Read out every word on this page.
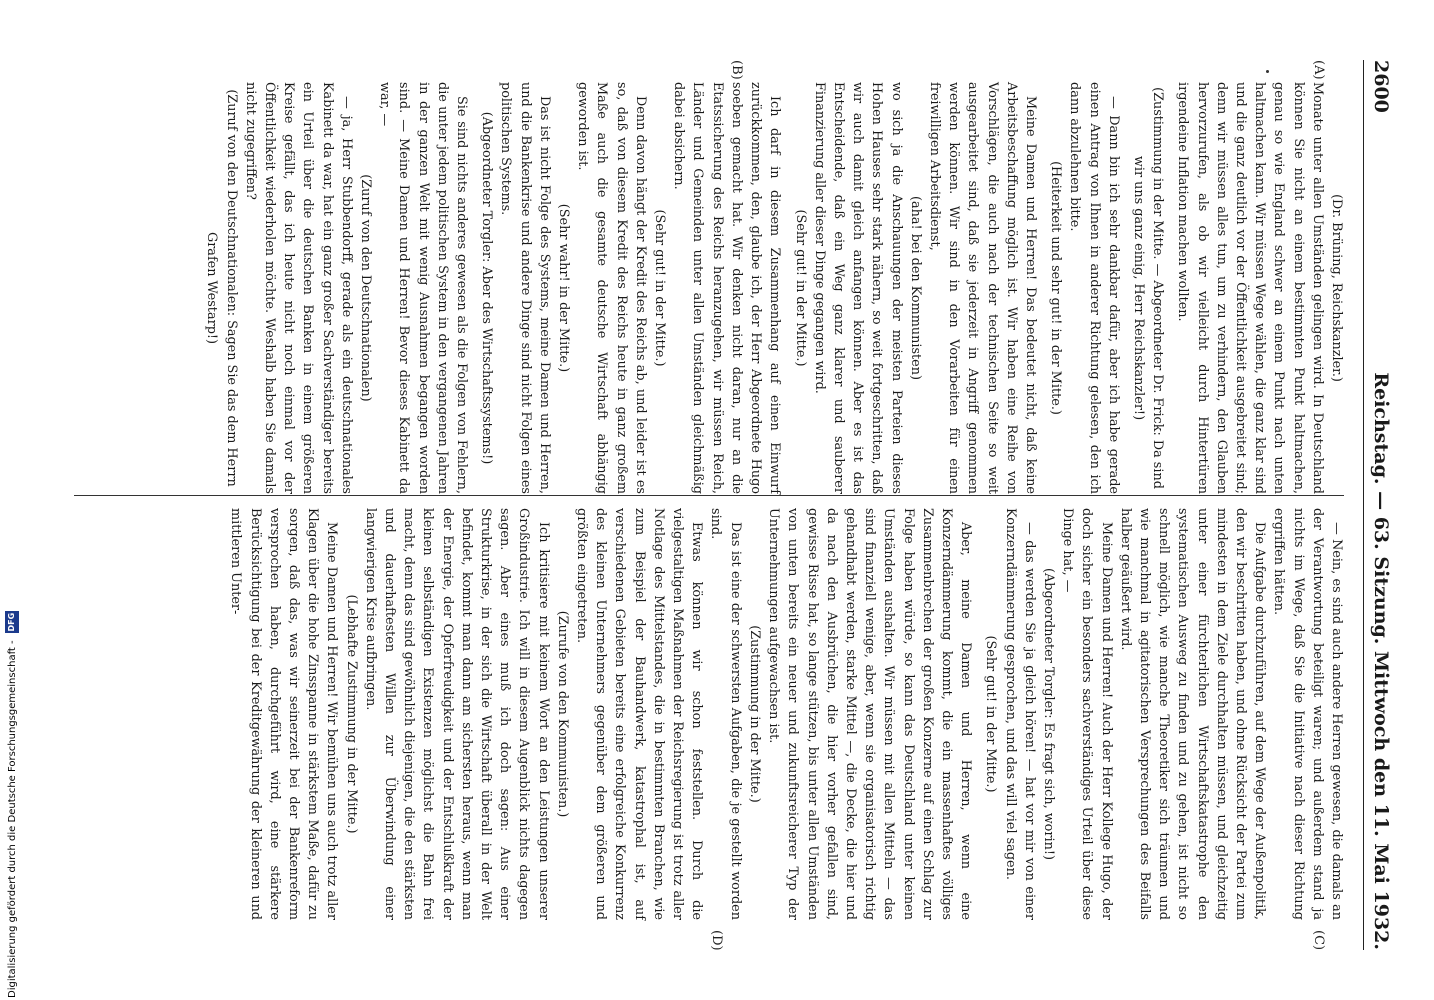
2600
Reichstag. — 63. Sitzung. Mittwoch den 11. Mai 1932.
(A)
(B)
(C)
(D)

(Dr. Brüning, Reichskanzler.)

Monate unter allen Umständen gelingen wird. In Deutschland können Sie nicht an einem bestimmten Punkt haltmachen, genau so wie England schwer an einem Punkt nach unten haltmachen kann. Wir müssen Wege wählen, die ganz klar sind und die ganz deutlich vor der Öffentlichkeit ausgebreitet sind; denn wir müssen alles tun, um zu verhindern, den Glauben hervorzurufen, als ob wir vielleicht durch Hintertüren irgendeine Inflation machen wollten.

(Zustimmung in der Mitte. — Abgeordneter Dr. Frick: Da sind wir uns ganz einig, Herr Reichskanzler!)

— Dann bin ich sehr dankbar dafür, aber ich habe gerade einen Antrag von Ihnen in anderer Richtung gelesen, den ich dann abzulehnen bitte.

(Heiterkeit und sehr gut! in der Mitte.)

Meine Damen und Herren! Das bedeutet nicht, daß keine Arbeitsbeschaffung möglich ist. Wir haben eine Reihe von Vorschlägen, die auch nach der technischen Seite so weit ausgearbeitet sind, daß sie jederzeit in Angriff genommen werden können. Wir sind in den Vorarbeiten für einen freiwilligen Arbeitsdienst,

(aha! bei den Kommunisten)

wo sich ja die Anschauungen der meisten Parteien dieses Hohen Hauses sehr stark nähern, so weit fortgeschritten, daß wir auch damit gleich anfangen können. Aber es ist das Entscheidende, daß ein Weg ganz klarer und sauberer Finanzierung aller dieser Dinge gegangen wird.

(Sehr gut! in der Mitte.)

Ich darf in diesem Zusammenhang auf einen Einwurf zurückkommen, den, glaube ich, der Herr Abgeordnete Hugo soeben gemacht hat. Wir denken nicht daran, nur an die Etatssicherung des Reichs heranzugehen, wir müssen Reich, Länder und Gemeinden unter allen Umständen gleichmäßig dabei absichern.

(Sehr gut! in der Mitte.)

Denn davon hängt der Kredit des Reichs ab, und leider ist es so, daß von diesem Kredit des Reichs heute in ganz großem Maße auch die gesamte deutsche Wirtschaft abhängig geworden ist.

(Sehr wahr! in der Mitte.)

Das ist nicht Folge des Systems, meine Damen und Herren, und die Bankenkrise und andere Dinge sind nicht Folgen eines politischen Systems.

(Abgeordneter Torgler: Aber des Wirtschaftssystems!)

Sie sind nichts anderes gewesen als die Folgen von Fehlern, die unter jedem politischen System in den vergangenen Jahren in der ganzen Welt mit wenig Ausnahmen begangen worden sind. — Meine Damen und Herren! Bevor dieses Kabinett da war, —

(Zuruf von den Deutschnationalen)

— ja, Herr Stubbendorff, gerade als ein deutschnationales Kabinett da war, hat ein ganz großer Sachverständiger bereits ein Urteil über die deutschen Banken in einem größeren Kreise gefällt, das ich heute nicht noch einmal vor der Öffentlichkeit wiederholen möchte. Weshalb haben Sie damals nicht zugegriffen?

(Zuruf von den Deutschnationalen: Sagen Sie das dem Herrn Grafen Westarp!)

— Nein, es sind auch andere Herren gewesen, die damals an der Verantwortung beteiligt waren; und außerdem stand ja nichts im Wege, daß Sie die Initiative nach dieser Richtung ergriffen hätten.

Die Aufgabe durchzuführen, auf dem Wege der Außenpolitik, den wir beschritten haben, und ohne Rücksicht der Partei zum mindesten in dem Ziele durchhalten müssen, und gleichzeitig unter einer fürchterlichen Wirtschaftskatastrophe den systematischen Ausweg zu finden und zu gehen, ist nicht so schnell möglich, wie manche Theoretiker sich träumen und wie manchmal in agitatorischen Versprechungen des Beifalls halber geäußert wird.

Meine Damen und Herren! Auch der Herr Kollege Hugo, der doch sicher ein besonders sachverständiges Urteil über diese Dinge hat, —

(Abgeordneter Torgler: Es fragt sich, worin!)

— das werden Sie ja gleich hören! — hat vor mir von einer Konzerndämmerung gesprochen, und das will viel sagen.

(Sehr gut! in der Mitte.)

Aber, meine Damen und Herren, wenn eine Konzerndämmerung kommt, die ein massenhaftes völliges Zusammenbrechen der großen Konzerne auf einen Schlag zur Folge haben würde, so kann das Deutschland unter keinen Umständen aushalten. Wir müssen mit allen Mitteln — das sind finanziell wenige, aber, wenn sie organisatorisch richtig gehandhabt werden, starke Mittel —, die Decke, die hier und da nach den Ausbrüchen, die hier vorher gefallen sind, gewisse Risse hat, so lange stützen, bis unter allen Umständen von unten bereits ein neuer und zukunftsreicherer Typ der Unternehmungen aufgewachsen ist.

(Zustimmung in der Mitte.)

Das ist eine der schwersten Aufgaben, die je gestellt worden sind.

Etwas können wir schon feststellen. Durch die vielgestaltigen Maßnahmen der Reichsregierung ist trotz aller Notlage des Mittelstandes, die in bestimmten Branchen, wie zum Beispiel der Bauhandwerk, katastrophal ist, auf verschiedenen Gebieten bereits eine erfolgreiche Konkurrenz des kleinen Unternehmers gegenüber dem größeren und größten eingetreten.

(Zurufe von den Kommunisten.)

Ich kritisiere mit keinem Wort an den Leistungen unserer Großindustrie. Ich will in diesem Augenblick nichts dagegen sagen. Aber eines muß ich doch sagen: Aus einer Strukturkrise, in der sich die Wirtschaft überall in der Welt befindet, kommt man dann am sichersten heraus, wenn man der Energie, der Opferfreudigkeit und der Entschlußkraft der kleinen selbständigen Existenzen möglichst die Bahn frei macht, denn das sind gewöhnlich diejenigen, die den stärksten und dauerhaftesten Willen zur Überwindung einer langwierigen Krise aufbringen.

(Lebhafte Zustimmung in der Mitte.)

Meine Damen und Herren! Wir bemühen uns auch trotz aller Klagen über die hohe Zinsspanne in stärkstem Maße, dafür zu sorgen, daß das, was wir seinerzeit bei der Bankenreform versprochen haben, durchgeführt wird, eine stärkere Berücksichtigung bei der Kreditgewährung der kleineren und mittleren Unter-

Digitalisierung gefördert durch die Deutsche Forschungsgemeinschaft - DFG
